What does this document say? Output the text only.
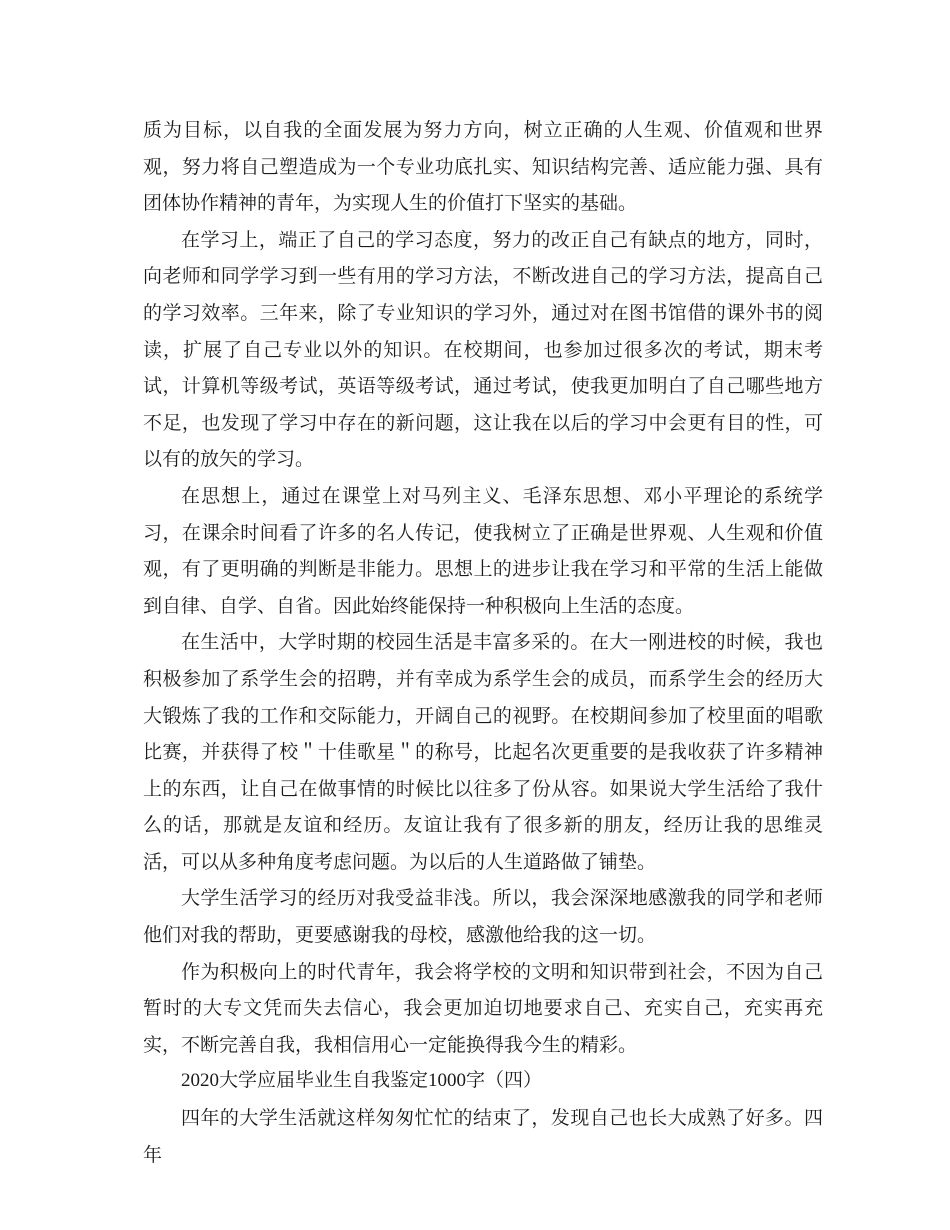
质为目标，以自我的全面发展为努力方向，树立正确的人生观、价值观和世界观，努力将自己塑造成为一个专业功底扎实、知识结构完善、适应能力强、具有团体协作精神的青年，为实现人生的价值打下坚实的基础。

在学习上，端正了自己的学习态度，努力的改正自己有缺点的地方，同时，向老师和同学学习到一些有用的学习方法，不断改进自己的学习方法，提高自己的学习效率。三年来，除了专业知识的学习外，通过对在图书馆借的课外书的阅读，扩展了自己专业以外的知识。在校期间，也参加过很多次的考试，期末考试，计算机等级考试，英语等级考试，通过考试，使我更加明白了自己哪些地方不足，也发现了学习中存在的新问题，这让我在以后的学习中会更有目的性，可以有的放矢的学习。

在思想上，通过在课堂上对马列主义、毛泽东思想、邓小平理论的系统学习，在课余时间看了许多的名人传记，使我树立了正确是世界观、人生观和价值观，有了更明确的判断是非能力。思想上的进步让我在学习和平常的生活上能做到自律、自学、自省。因此始终能保持一种积极向上生活的态度。

在生活中，大学时期的校园生活是丰富多采的。在大一刚进校的时候，我也积极参加了系学生会的招聘，并有幸成为系学生会的成员，而系学生会的经历大大锻炼了我的工作和交际能力，开阔自己的视野。在校期间参加了校里面的唱歌比赛，并获得了校＂十佳歌星＂的称号，比起名次更重要的是我收获了许多精神上的东西，让自己在做事情的时候比以往多了份从容。如果说大学生活给了我什么的话，那就是友谊和经历。友谊让我有了很多新的朋友，经历让我的思维灵活，可以从多种角度考虑问题。为以后的人生道路做了铺垫。

大学生活学习的经历对我受益非浅。所以，我会深深地感激我的同学和老师他们对我的帮助，更要感谢我的母校，感激他给我的这一切。

作为积极向上的时代青年，我会将学校的文明和知识带到社会，不因为自己暂时的大专文凭而失去信心，我会更加迫切地要求自己、充实自己，充实再充实，不断完善自我，我相信用心一定能换得我今生的精彩。

2020大学应届毕业生自我鉴定1000字（四）

四年的大学生活就这样匆匆忙忙的结束了，发现自己也长大成熟了好多。四年
